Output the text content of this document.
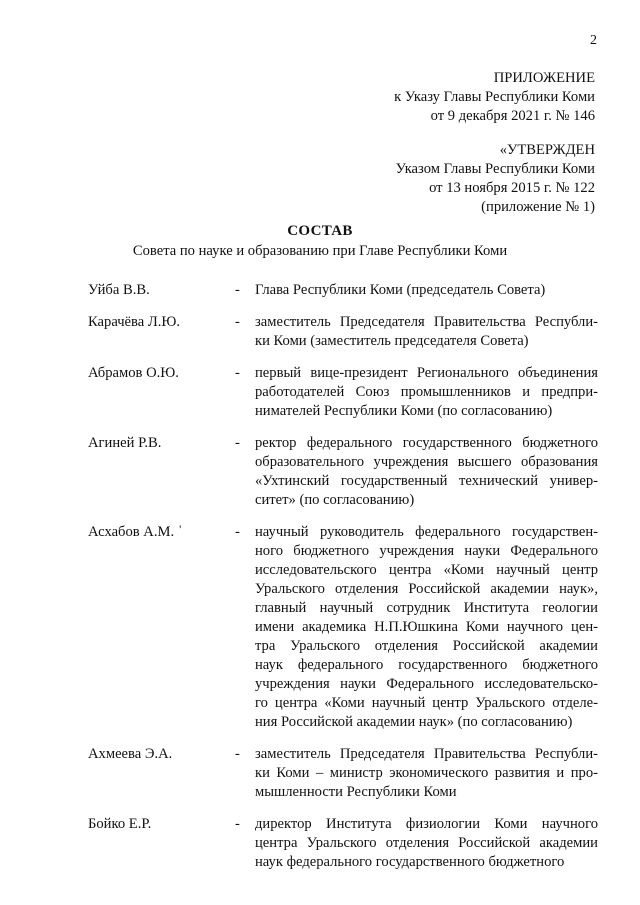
2
ПРИЛОЖЕНИЕ
к Указу Главы Республики Коми
от 9 декабря 2021 г. № 146
«УТВЕРЖДЕН
Указом Главы Республики Коми
от 13 ноября 2015 г. № 122
(приложение № 1)
СОСТАВ
Совета по науке и образованию при Главе Республики Коми
Уйба В.В.	- Глава Республики Коми (председатель Совета)
Карачёва Л.Ю.	- заместитель Председателя Правительства Республи-
ки Коми (заместитель председателя Совета)
Абрамов О.Ю.	- первый вице-президент Регионального объединения
работодателей Союз промышленников и предпри-
нимателей Республики Коми (по согласованию)
Агиней Р.В.	- ректор федерального государственного бюджетного
образовательного учреждения высшего образования
«Ухтинский государственный технический универ-
ситет» (по согласованию)
Асхабов А.М. '	- научный руководитель федерального государствен-
ного бюджетного учреждения науки Федерального
исследовательского центра «Коми научный центр
Уральского отделения Российской академии наук»,
главный научный сотрудник Института геологии
имени академика Н.П.Юшкина Коми научного цен-
тра Уральского отделения Российской академии
наук федерального государственного бюджетного
учреждения науки Федерального исследовательско-
го центра «Коми научный центр Уральского отделе-
ния Российской академии наук» (по согласованию)
Ахмеева Э.А.	- заместитель Председателя Правительства Республи-
ки Коми – министр экономического развития и про-
мышленности Республики Коми
Бойко Е.Р.	- директор Института физиологии Коми научного
центра Уральского отделения Российской академии
наук федерального государственного бюджетного
